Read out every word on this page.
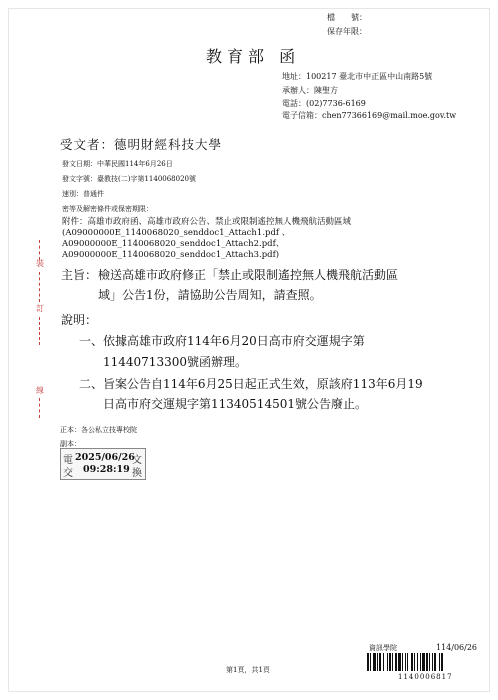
檔　　號：
保存年限：
教育部 函
地址：100217 臺北市中正區中山南路5號
承辦人：陳聖方
電話：(02)7736-6169
電子信箱：chen77366169@mail.moe.gov.tw
受文者：德明財經科技大學
發文日期：中華民國114年6月26日
發文字號：臺教技(二)字第1140068020號
速別：普通件
密等及解密條件或保密期限：
附件：高雄市政府函、高雄市政府公告、禁止或限制遙控無人機飛航活動區域 (A09000000E_1140068020_senddoc1_Attach1.pdf 、 A09000000E_1140068020_senddoc1_Attach2.pdf、A09000000E_1140068020_senddoc1_Attach3.pdf)
裝
訂
線
主旨： 檢送高雄市政府修正「禁止或限制遙控無人機飛航活動區
域」公告1份，請協助公告周知，請查照。
說明：
一、依據高雄市政府114年6月20日高市府交運規字第
11440713300號函辦理。
二、旨案公告自114年6月25日起正式生效，原該府113年6月19
日高市府交運規字第11340514501號公告廢止。
正本：各公私立技專校院
副本：
電	文
交	換
2025/06/26
09:28:19
第1頁，共1頁
資訊學院	114/06/26
1140006817
